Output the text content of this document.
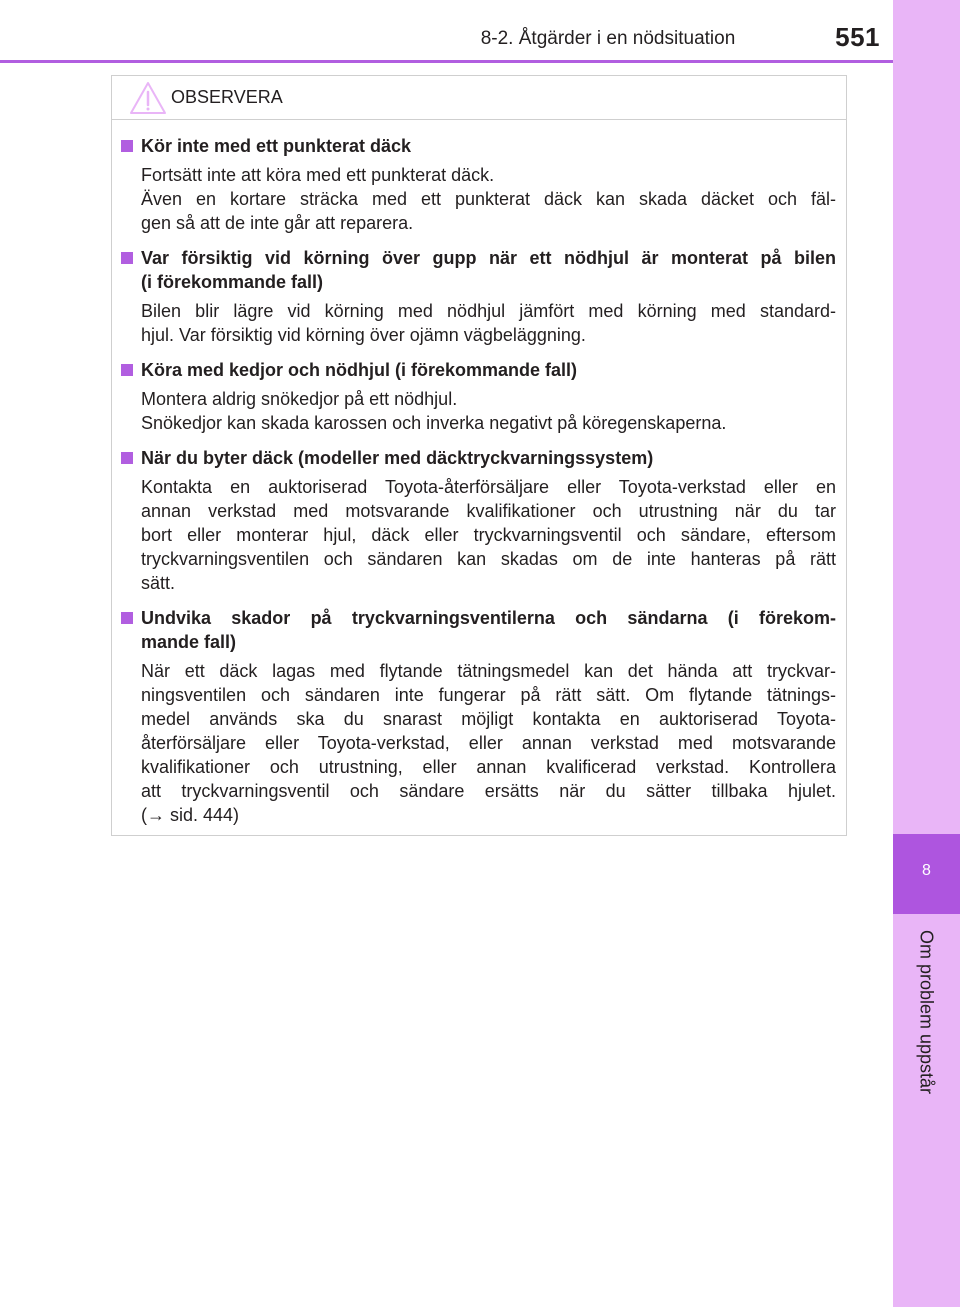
8
Om problem uppstår
8-2. Åtgärder i en nödsituation	551
OBSERVERA
Kör inte med ett punkterat däck

Fortsätt inte att köra med ett punkterat däck.

Även en kortare sträcka med ett punkterat däck kan skada däcket och fäl-
gen så att de inte går att reparera.

Var försiktig vid körning över gupp när ett nödhjul är monterat på bilen
(i förekommande fall)

Bilen blir lägre vid körning med nödhjul jämfört med körning med standard-
hjul. Var försiktig vid körning över ojämn vägbeläggning.

Köra med kedjor och nödhjul (i förekommande fall)

Montera aldrig snökedjor på ett nödhjul.

Snökedjor kan skada karossen och inverka negativt på köregenskaperna.

När du byter däck (modeller med däcktryckvarningssystem)

Kontakta en auktoriserad Toyota-återförsäljare eller Toyota-verkstad eller en
annan verkstad med motsvarande kvalifikationer och utrustning när du tar
bort eller monterar hjul, däck eller tryckvarningsventil och sändare, eftersom
tryckvarningsventilen och sändaren kan skadas om de inte hanteras på rätt
sätt.

Undvika skador på tryckvarningsventilerna och sändarna (i förekom-
mande fall)

När ett däck lagas med flytande tätningsmedel kan det hända att tryckvar-
ningsventilen och sändaren inte fungerar på rätt sätt. Om flytande tätnings-
medel används ska du snarast möjligt kontakta en auktoriserad Toyota-
återförsäljare eller Toyota-verkstad, eller annan verkstad med motsvarande
kvalifikationer och utrustning, eller annan kvalificerad verkstad. Kontrollera
att tryckvarningsventil och sändare ersätts när du sätter tillbaka hjulet.
(→ sid. 444)
